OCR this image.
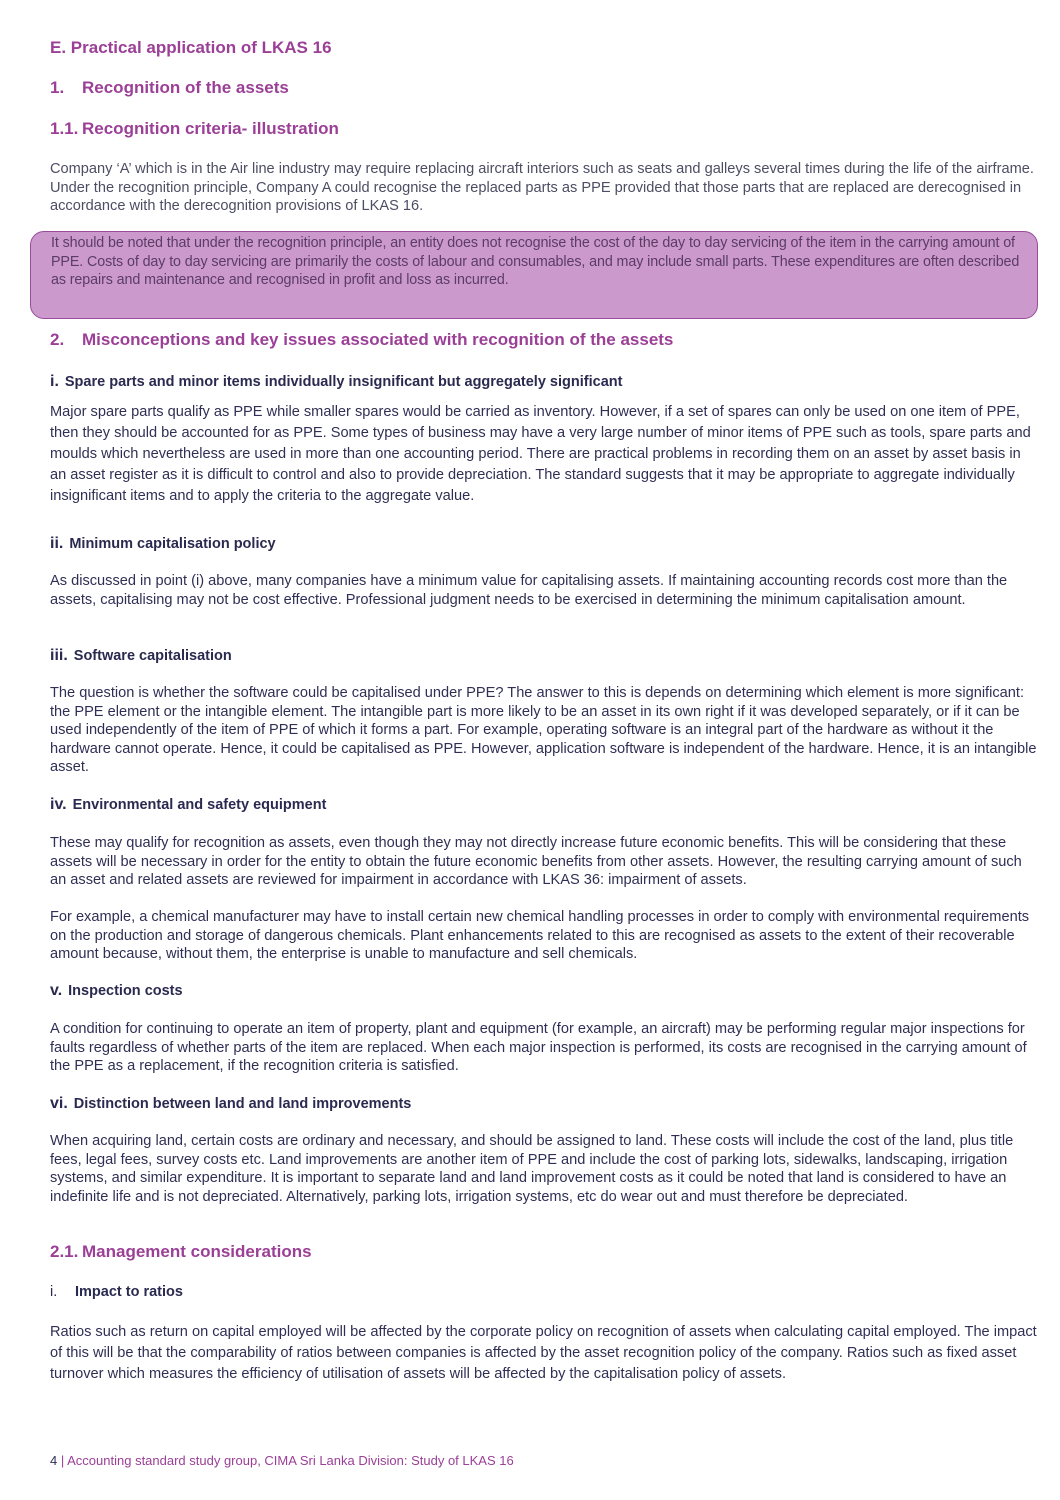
E. Practical application of LKAS 16
1. Recognition of the assets
1.1. Recognition criteria- illustration
Company ‘A’ which is in the Air line industry may require replacing aircraft interiors such as seats and galleys several times during the life of the airframe. Under the recognition principle, Company A could recognise the replaced parts as PPE provided that those parts that are replaced are derecognised in accordance with the derecognition provisions of LKAS 16.
It should be noted that under the recognition principle, an entity does not recognise the cost of the day to day servicing of the item in the carrying amount of PPE. Costs of day to day servicing are primarily the costs of labour and consumables, and may include small parts. These expenditures are often described as repairs and maintenance and recognised in profit and loss as incurred.
2. Misconceptions and key issues associated with recognition of the assets
i. Spare parts and minor items individually insignificant but aggregately significant
Major spare parts qualify as PPE while smaller spares would be carried as inventory. However, if a set of spares can only be used on one item of PPE, then they should be accounted for as PPE. Some types of business may have a very large number of minor items of PPE such as tools, spare parts and moulds which nevertheless are used in more than one accounting period. There are practical problems in recording them on an asset by asset basis in an asset register as it is difficult to control and also to provide depreciation. The standard suggests that it may be appropriate to aggregate individually insignificant items and to apply the criteria to the aggregate value.
ii. Minimum capitalisation policy
As discussed in point (i) above, many companies have a minimum value for capitalising assets. If maintaining accounting records cost more than the assets, capitalising may not be cost effective. Professional judgment needs to be exercised in determining the minimum capitalisation amount.
iii. Software capitalisation
The question is whether the software could be capitalised under PPE? The answer to this is depends on determining which element is more significant: the PPE element or the intangible element. The intangible part is more likely to be an asset in its own right if it was developed separately, or if it can be used independently of the item of PPE of which it forms a part. For example, operating software is an integral part of the hardware as without it the hardware cannot operate. Hence, it could be capitalised as PPE. However, application software is independent of the hardware. Hence, it is an intangible asset.
iv. Environmental and safety equipment
These may qualify for recognition as assets, even though they may not directly increase future economic benefits. This will be considering that these assets will be necessary in order for the entity to obtain the future economic benefits from other assets. However, the resulting carrying amount of such an asset and related assets are reviewed for impairment in accordance with LKAS 36: impairment of assets.
For example, a chemical manufacturer may have to install certain new chemical handling processes in order to comply with environmental requirements on the production and storage of dangerous chemicals. Plant enhancements related to this are recognised as assets to the extent of their recoverable amount because, without them, the enterprise is unable to manufacture and sell chemicals.
v. Inspection costs
A condition for continuing to operate an item of property, plant and equipment (for example, an aircraft) may be performing regular major inspections for faults regardless of whether parts of the item are replaced. When each major inspection is performed, its costs are recognised in the carrying amount of the PPE as a replacement, if the recognition criteria is satisfied.
vi. Distinction between land and land improvements
When acquiring land, certain costs are ordinary and necessary, and should be assigned to land. These costs will include the cost of the land, plus title fees, legal fees, survey costs etc. Land improvements are another item of PPE and include the cost of parking lots, sidewalks, landscaping, irrigation systems, and similar expenditure. It is important to separate land and land improvement costs as it could be noted that land is considered to have an indefinite life and is not depreciated. Alternatively, parking lots, irrigation systems, etc do wear out and must therefore be depreciated.
2.1. Management considerations
i. Impact to ratios
Ratios such as return on capital employed will be affected by the corporate policy on recognition of assets when calculating capital employed. The impact of this will be that the comparability of ratios between companies is affected by the asset recognition policy of the company. Ratios such as fixed asset turnover which measures the efficiency of utilisation of assets will be affected by the capitalisation policy of assets.
4 | Accounting standard study group, CIMA Sri Lanka Division: Study of LKAS 16
